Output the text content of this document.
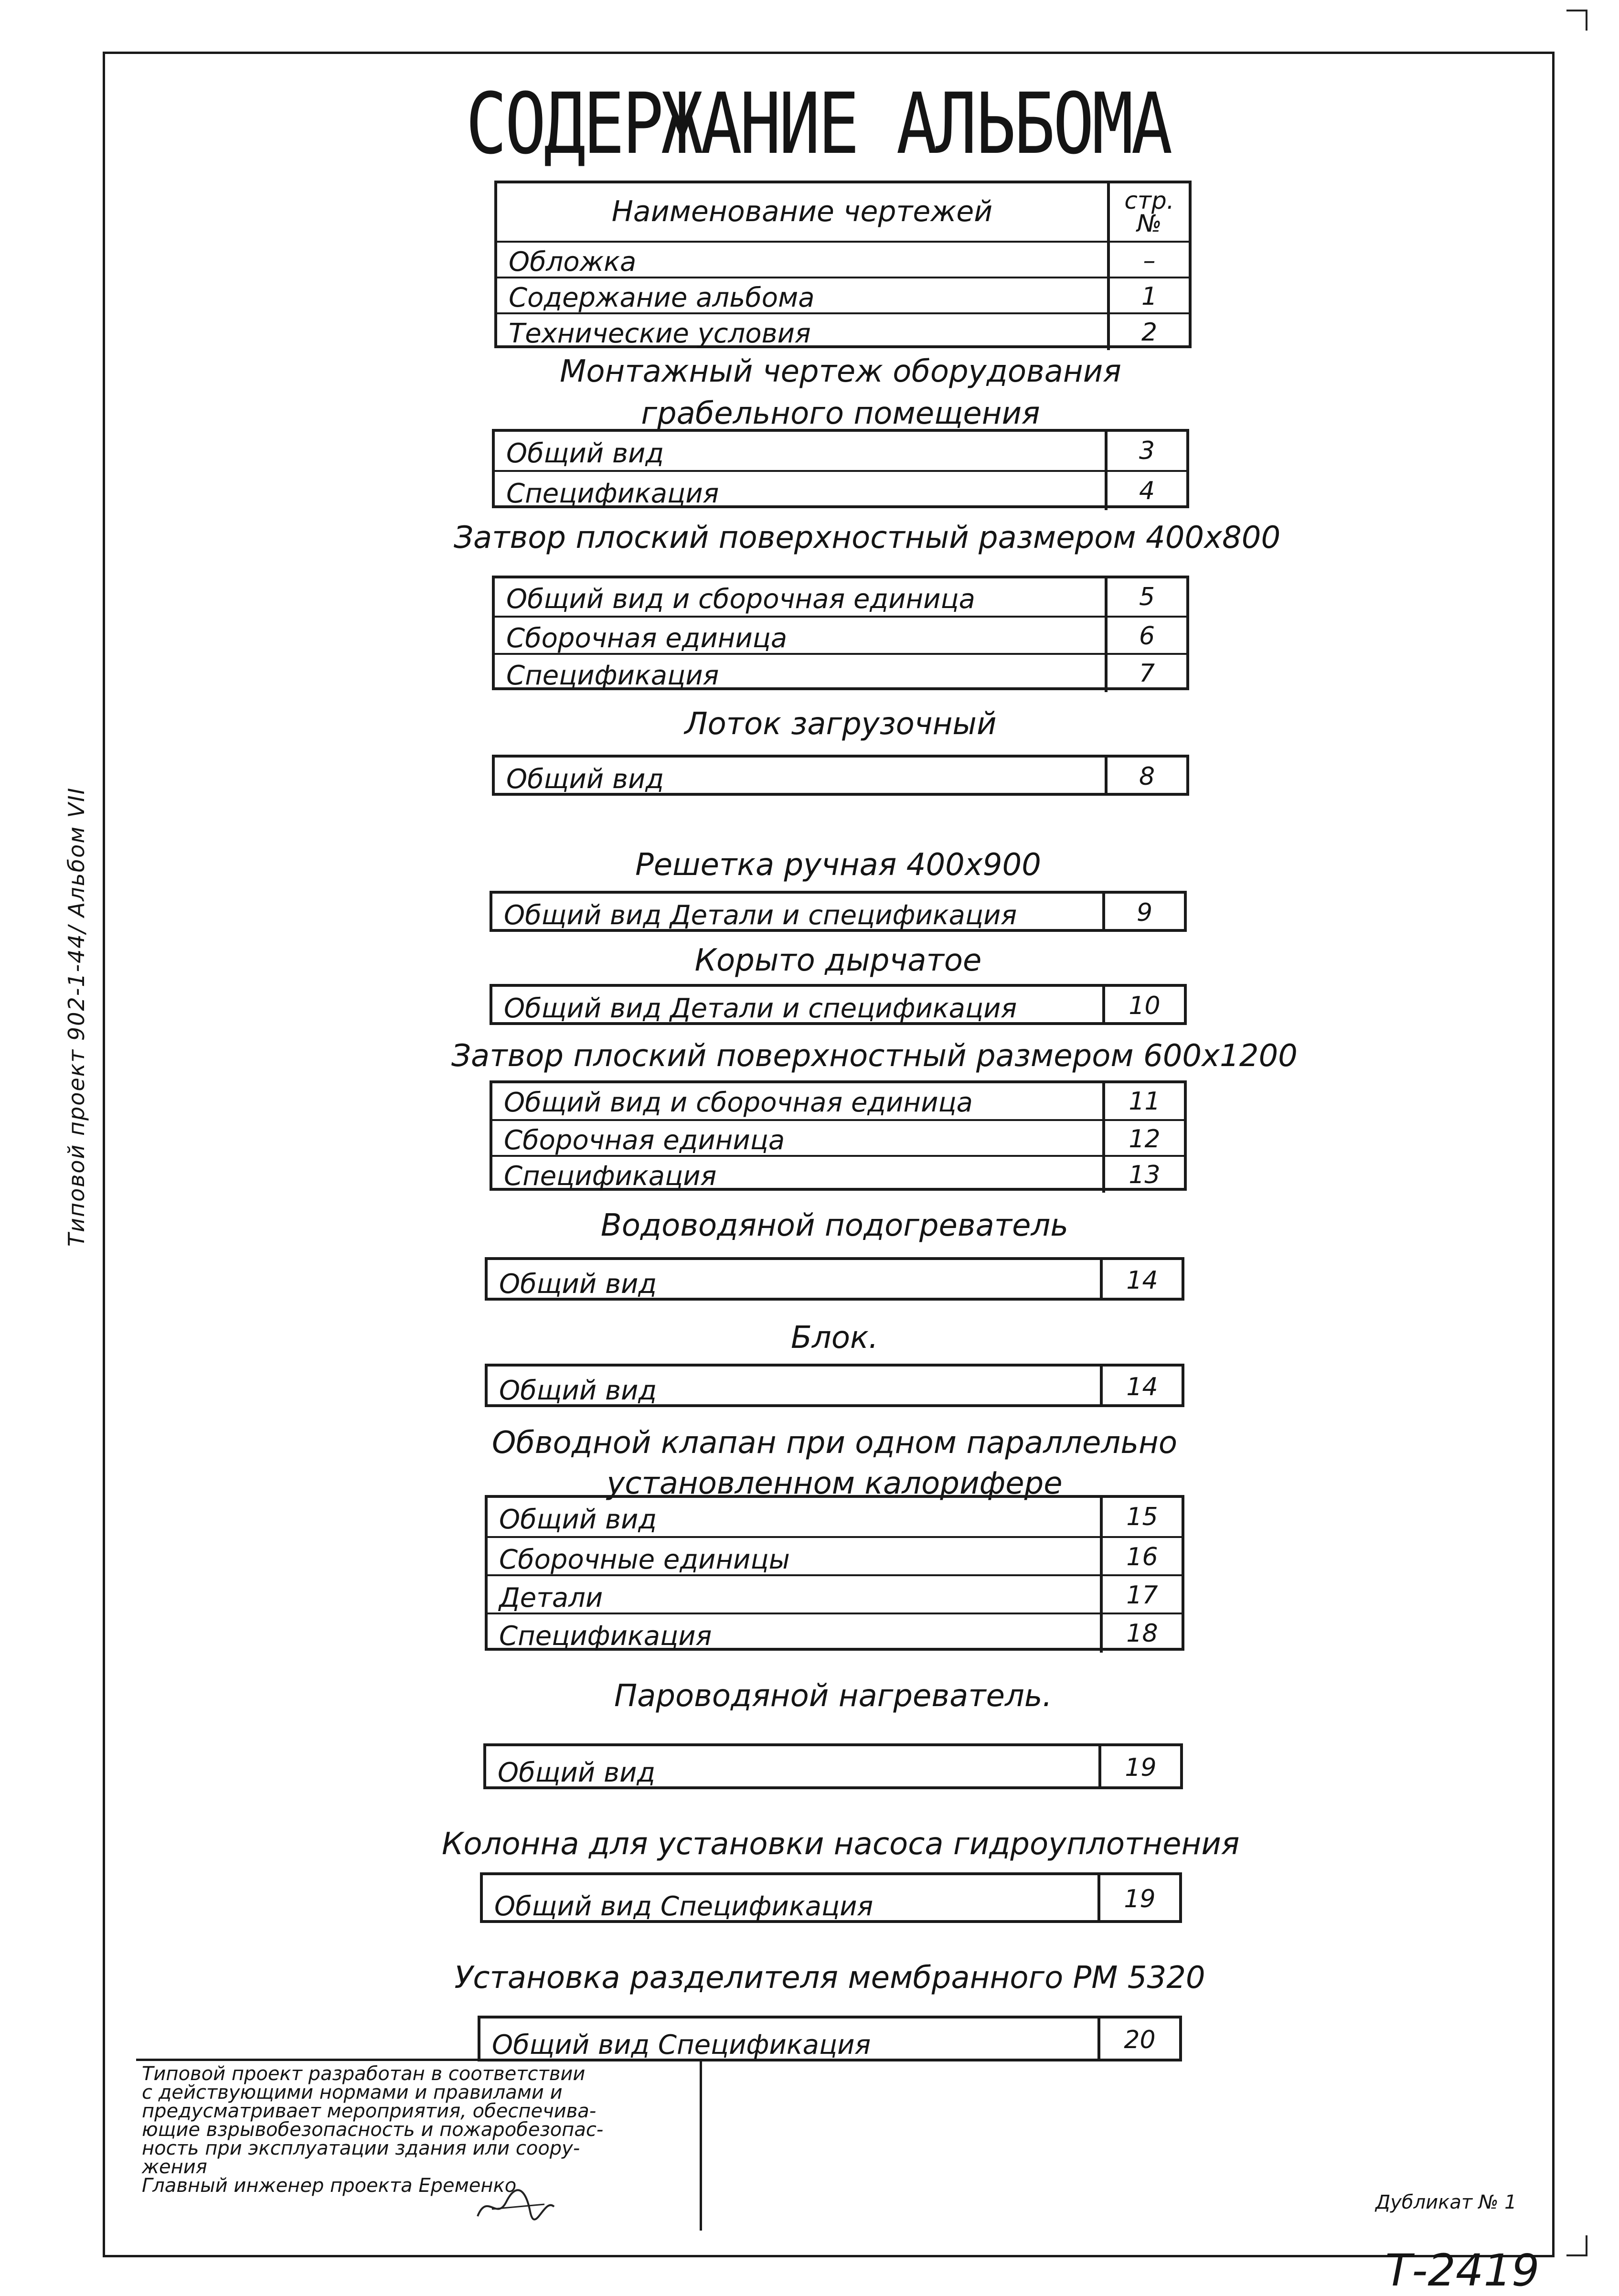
Типовой проект 902-1-44/ Альбом VII
СОДЕРЖАНИЕ АЛЬБОМА
Наименование чертежей	стр.
№
Обложка	–
Содержание альбома	1
Технические условия	2
Монтажный чертеж оборудования
грабельного помещения
Общий вид	3
Спецификация	4
Затвор плоский поверхностный размером 400x800
Общий вид и сборочная единица	5
Сборочная единица	6
Спецификация	7
Лоток загрузочный
Общий вид	8
Решетка ручная 400x900
Общий вид Детали и спецификация	9
Корыто дырчатое
Общий вид Детали и спецификация	10
Затвор плоский поверхностный размером 600x1200
Общий вид и сборочная единица	11
Сборочная единица	12
Спецификация	13
Водоводяной подогреватель
Общий вид	14
Блок.
Общий вид	14
Обводной клапан при одном параллельно
установленном калорифере
Общий вид	15
Сборочные единицы	16
Детали	17
Спецификация	18
Пароводяной нагреватель.
Общий вид	19
Колонна для установки насоса гидроуплотнения
Общий вид Спецификация	19
Установка разделителя мембранного РМ 5320
Общий вид Спецификация	20
Типовой проект разработан в соответствии
с действующими нормами и правилами и
предусматривает мероприятия, обеспечива-
ющие взрывобезопасность и пожаробезопас-
ность при эксплуатации здания или соору-
жения
Главный инженер проекта Еременко
Дубликат № 1
Т-2419
